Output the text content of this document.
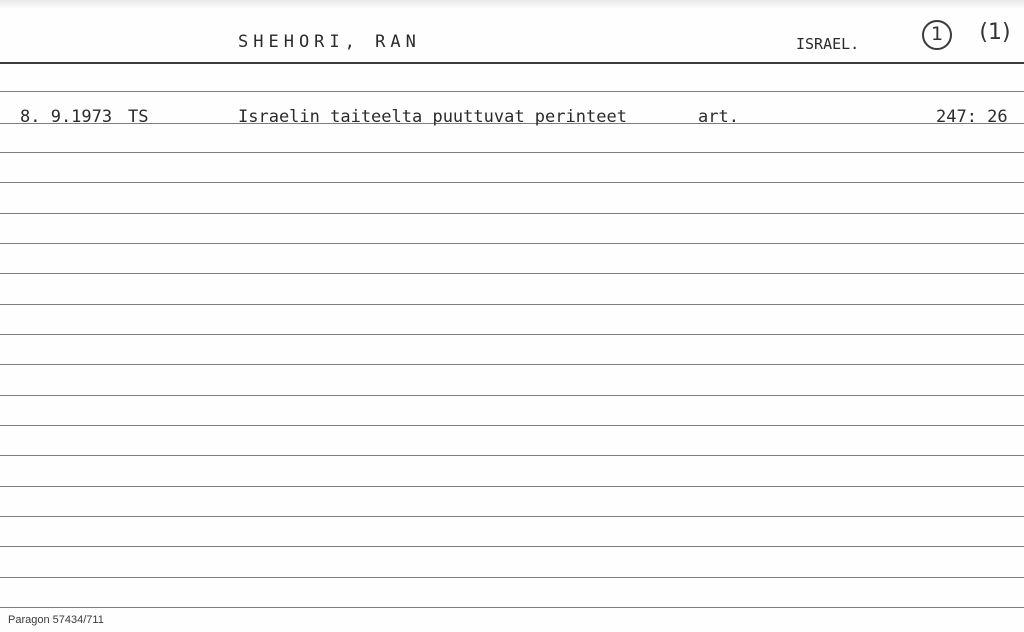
SHEHORI, RAN	ISRAEL.	1	(1)
8. 9.1973 TS	Israelin taiteelta puuttuvat perinteet	art.	247: 26
Paragon 57434/711
